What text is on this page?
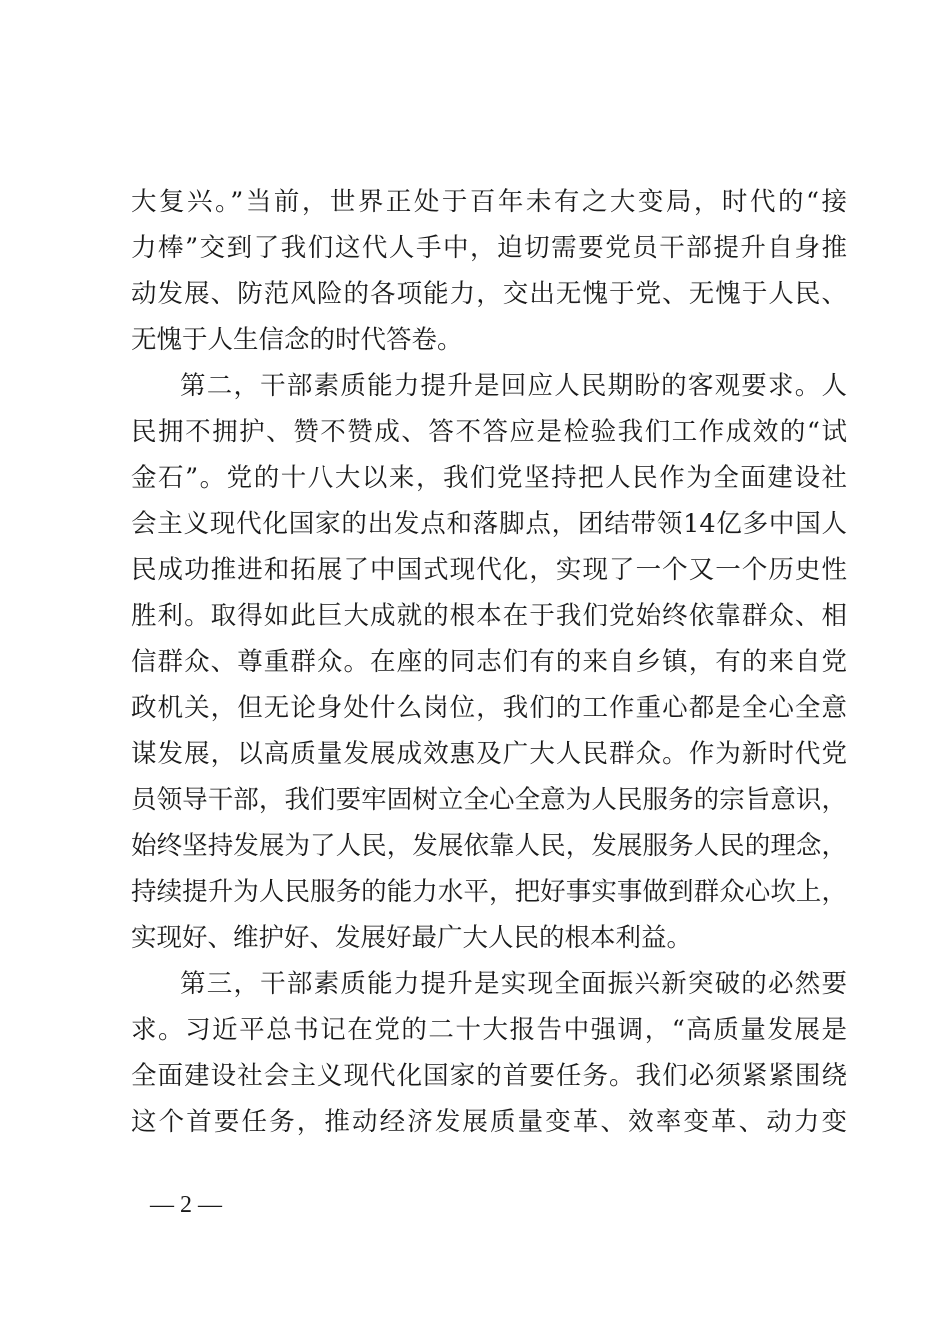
大复兴。”当前，世界正处于百年未有之大变局，时代的“接
力棒”交到了我们这代人手中，迫切需要党员干部提升自身推
动发展、防范风险的各项能力，交出无愧于党、无愧于人民、
无愧于人生信念的时代答卷。
第二，干部素质能力提升是回应人民期盼的客观要求。人
民拥不拥护、赞不赞成、答不答应是检验我们工作成效的“试
金石”。党的十八大以来，我们党坚持把人民作为全面建设社
会主义现代化国家的出发点和落脚点，团结带领14亿多中国人
民成功推进和拓展了中国式现代化，实现了一个又一个历史性
胜利。取得如此巨大成就的根本在于我们党始终依靠群众、相
信群众、尊重群众。在座的同志们有的来自乡镇，有的来自党
政机关，但无论身处什么岗位，我们的工作重心都是全心全意
谋发展，以高质量发展成效惠及广大人民群众。作为新时代党
员领导干部，我们要牢固树立全心全意为人民服务的宗旨意识，
始终坚持发展为了人民，发展依靠人民，发展服务人民的理念，
持续提升为人民服务的能力水平，把好事实事做到群众心坎上，
实现好、维护好、发展好最广大人民的根本利益。
第三，干部素质能力提升是实现全面振兴新突破的必然要
求。习近平总书记在党的二十大报告中强调，“高质量发展是
全面建设社会主义现代化国家的首要任务。我们必须紧紧围绕
这个首要任务，推动经济发展质量变革、效率变革、动力变
— 2 —
